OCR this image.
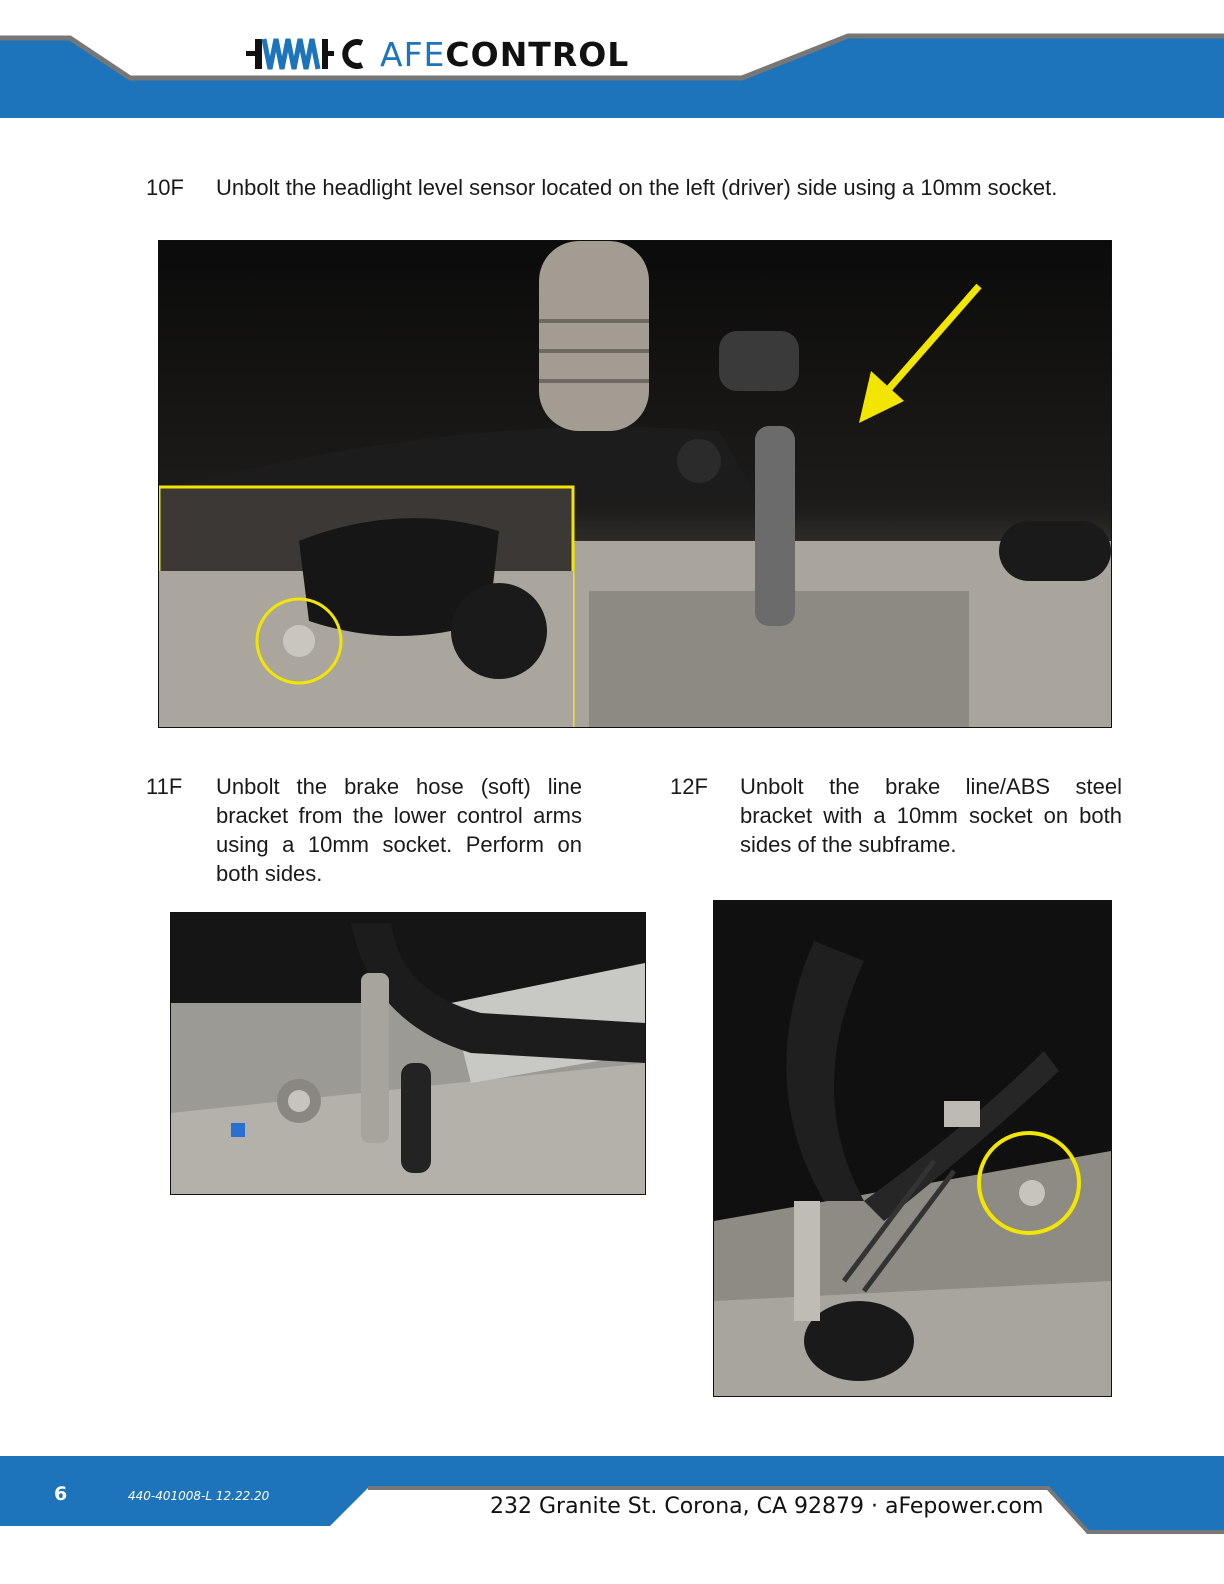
AFECONTROL
10F Unbolt the headlight level sensor located on the left (driver) side using a 10mm socket.
11F Unbolt the brake hose (soft) line bracket from the lower control arms using a 10mm socket. Perform on both sides.
12F Unbolt the brake line/ABS steel bracket with a 10mm socket on both sides of the subframe.
6	440-401008-L 12.22.20	232 Granite St. Corona, CA 92879 · aFepower.com
